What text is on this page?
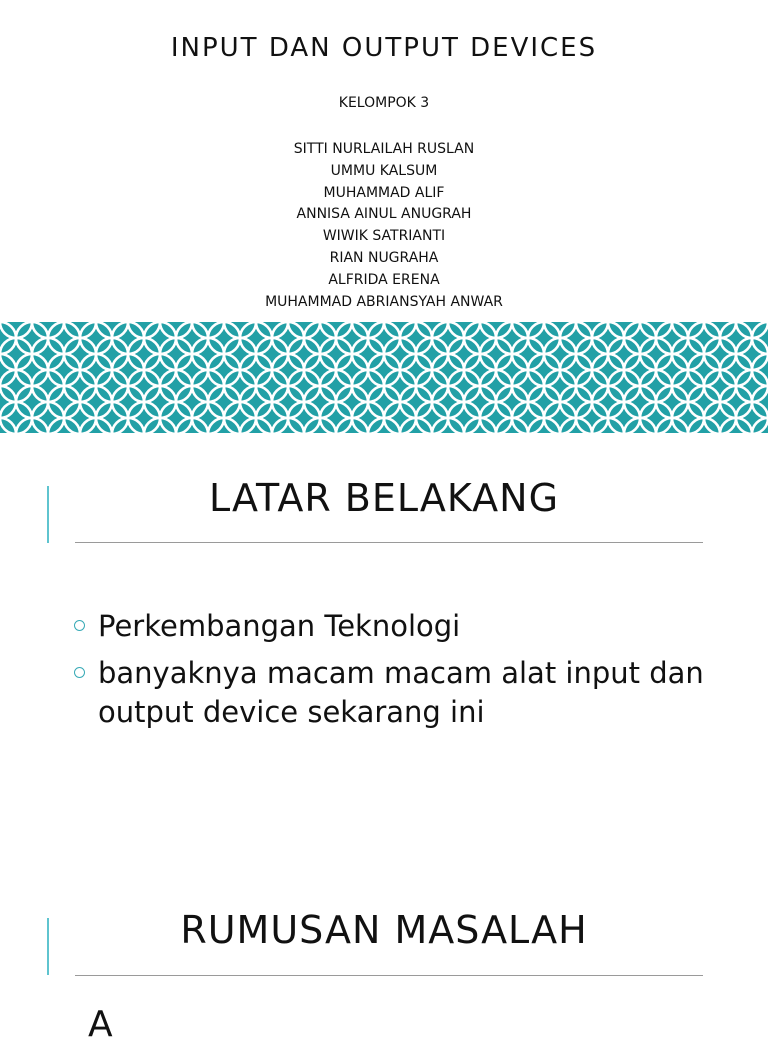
INPUT DAN OUTPUT DEVICES
KELOMPOK 3
SITTI NURLAILAH RUSLAN
UMMU KALSUM
MUHAMMAD ALIF
ANNISA AINUL ANUGRAH
WIWIK SATRIANTI
RIAN NUGRAHA
ALFRIDA ERENA
MUHAMMAD ABRIANSYAH ANWAR
LATAR BELAKANG
Perkembangan Teknologi
banyaknya macam macam alat input dan output device sekarang ini
RUMUSAN MASALAH
A
